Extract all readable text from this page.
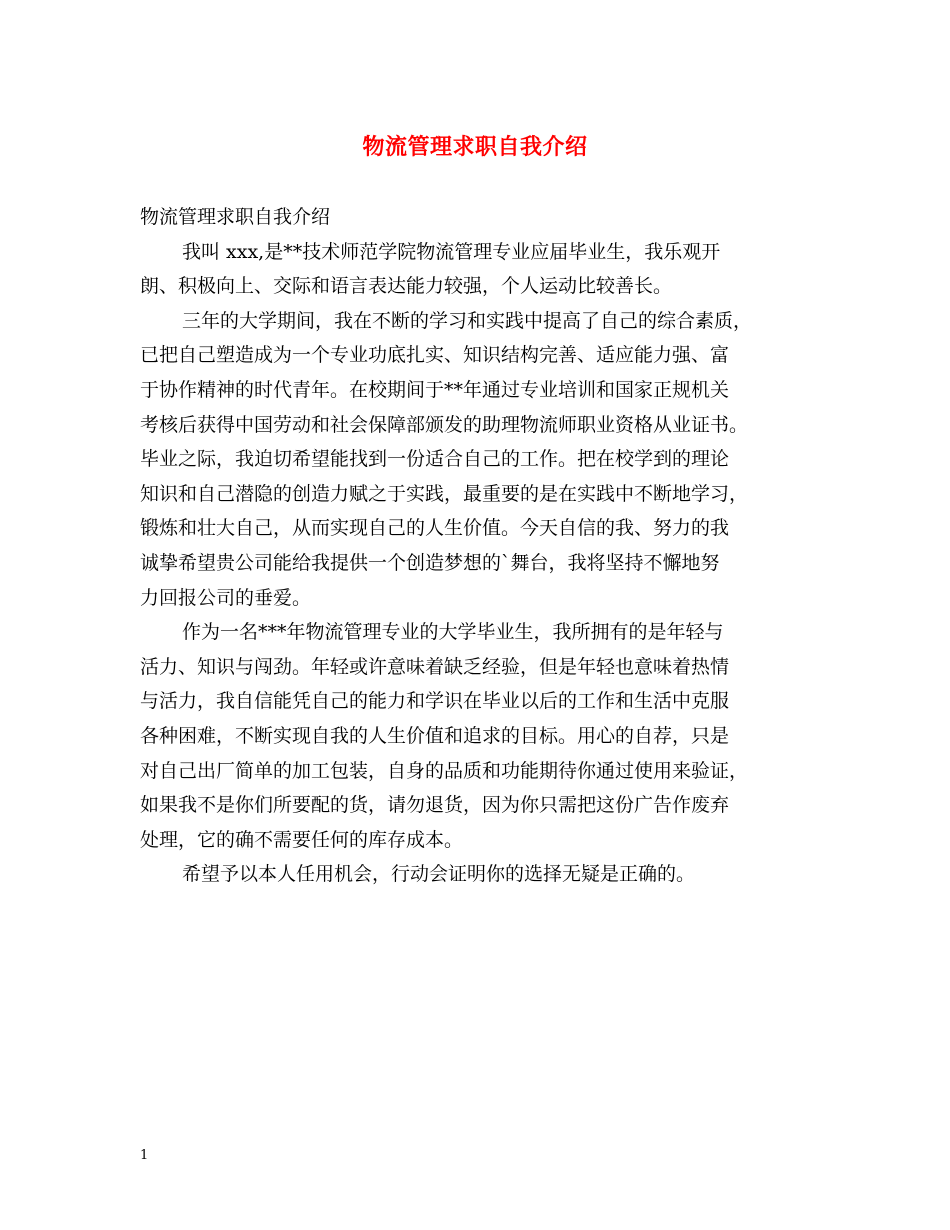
物流管理求职自我介绍

物流管理求职自我介绍

我叫 xxx,是**技术师范学院物流管理专业应届毕业生，我乐观开
朗、积极向上、交际和语言表达能力较强，个人运动比较善长。

三年的大学期间，我在不断的学习和实践中提高了自己的综合素质，
已把自己塑造成为一个专业功底扎实、知识结构完善、适应能力强、富
于协作精神的时代青年。在校期间于**年通过专业培训和国家正规机关
考核后获得中国劳动和社会保障部颁发的助理物流师职业资格从业证书。
毕业之际，我迫切希望能找到一份适合自己的工作。把在校学到的理论
知识和自己潜隐的创造力赋之于实践，最重要的是在实践中不断地学习，
锻炼和壮大自己，从而实现自己的人生价值。今天自信的我、努力的我
诚挚希望贵公司能给我提供一个创造梦想的`舞台，我将坚持不懈地努
力回报公司的垂爱。

作为一名***年物流管理专业的大学毕业生，我所拥有的是年轻与
活力、知识与闯劲。年轻或许意味着缺乏经验，但是年轻也意味着热情
与活力，我自信能凭自己的能力和学识在毕业以后的工作和生活中克服
各种困难，不断实现自我的人生价值和追求的目标。用心的自荐，只是
对自己出厂简单的加工包装，自身的品质和功能期待你通过使用来验证，
如果我不是你们所要配的货，请勿退货，因为你只需把这份广告作废弃
处理，它的确不需要任何的库存成本。

希望予以本人任用机会，行动会证明你的选择无疑是正确的。

1
